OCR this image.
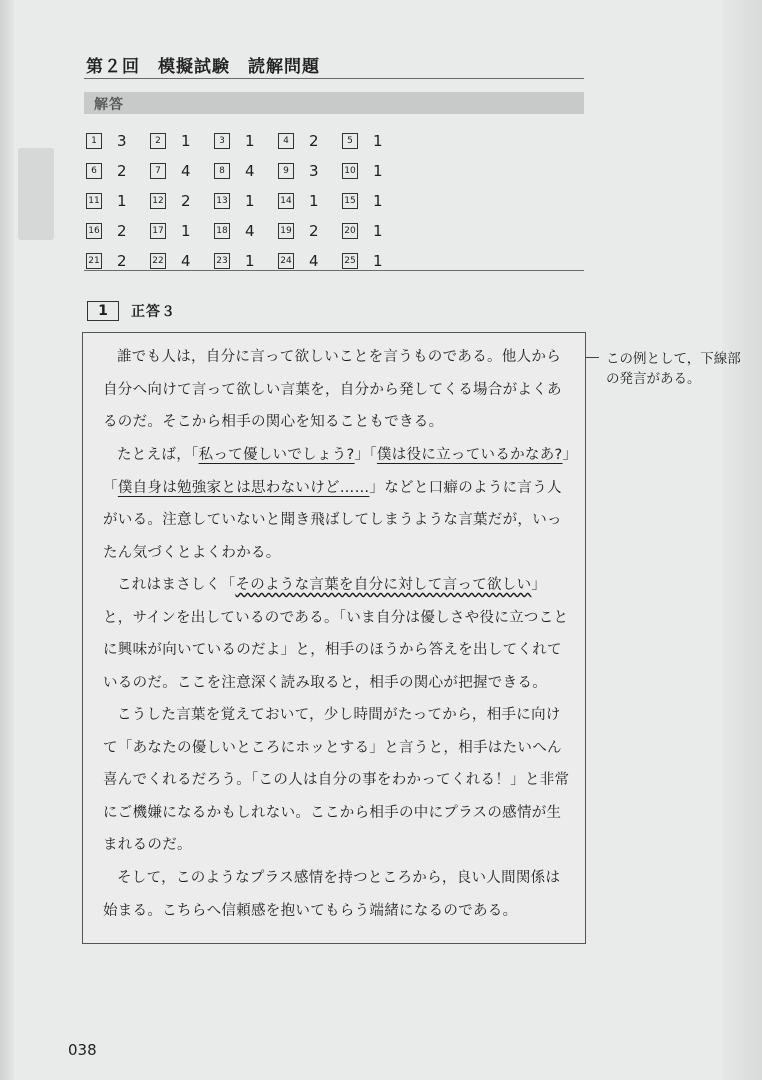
第２回　模擬試験　読解問題
解答
1	3	2	1	3	1	4	2	5	1
6	2	7	4	8	4	9	3	10 1
11 1	12 2	13 1	14 1	15 1
16 2	17 1	18 4	19 2	20 1
21 2	22 4	23 1	24 4	25 1
1	正答３

誰でも人は，自分に言って欲しいことを言うものである。他人から自分へ向けて言って欲しい言葉を，自分から発してくる場合がよくあるのだ。そこから相手の関心を知ることもできる。

たとえば，「私って優しいでしょう?」「僕は役に立っているかなあ?」「僕自身は勉強家とは思わないけど……」などと口癖のように言う人がいる。注意していないと聞き飛ばしてしまうような言葉だが，いったん気づくとよくわかる。

これはまさしく「そのような言葉を自分に対して言って欲しい」と，サインを出しているのである。「いま自分は優しさや役に立つことに興味が向いているのだよ」と，相手のほうから答えを出してくれているのだ。ここを注意深く読み取ると，相手の関心が把握できる。

こうした言葉を覚えておいて，少し時間がたってから，相手に向けて「あなたの優しいところにホッとする」と言うと，相手はたいへん喜んでくれるだろう。「この人は自分の事をわかってくれる！」と非常にご機嫌になるかもしれない。ここから相手の中にプラスの感情が生まれるのだ。

そして，このようなプラス感情を持つところから，良い人間関係は始まる。こちらへ信頼感を抱いてもらう端緒になるのである。

この例として，下線部
の発言がある。
038
